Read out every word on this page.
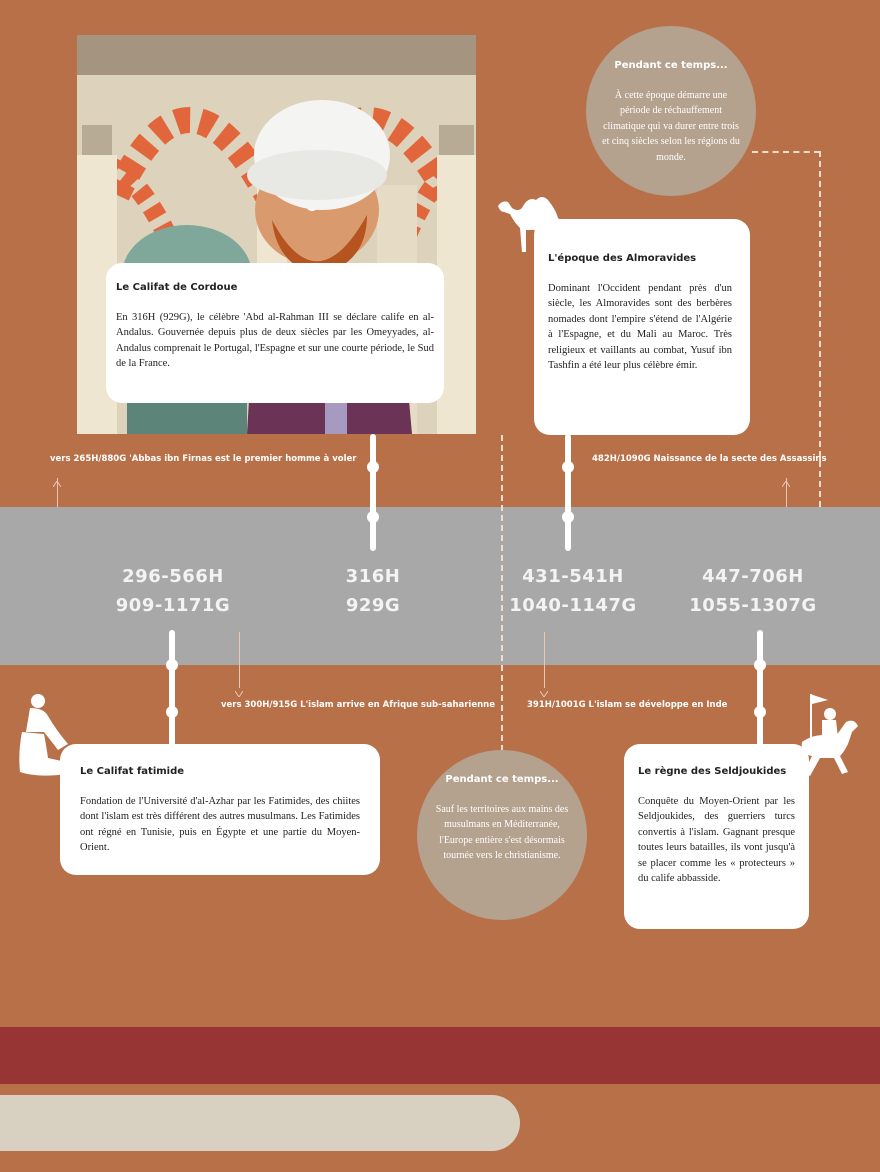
Le Califat de Cordoue

En 316H (929G), le célèbre 'Abd al-Rahman III se déclare calife en al-Andalus. Gouvernée depuis plus de deux siècles par les Omeyyades, al-Andalus comprenait le Portugal, l'Espagne et sur une courte période, le Sud de la France.

Pendant ce temps...
À cette époque démarre une période de réchauffement climatique qui va durer entre trois et cinq siècles selon les régions du monde.
L'époque des Almoravides

Dominant l'Occident pendant près d'un siècle, les Almoravides sont des berbères nomades dont l'empire s'étend de l'Algérie à l'Espagne, et du Mali au Maroc. Très religieux et vaillants au combat, Yusuf ibn Tashfin a été leur plus célèbre émir.

vers 265H/880G 'Abbas ibn Firnas est le premier homme à voler	482H/1090G Naissance de la secte des Assassins
296-566H
909-1171G
316H
929G
431-541H
1040-1147G
447-706H
1055-1307G
vers 300H/915G L'islam arrive en Afrique sub-saharienne	391H/1001G L'islam se développe en Inde
Le Califat fatimide

Fondation de l'Université d'al-Azhar par les Fatimides, des chiites dont l'islam est très différent des autres musulmans. Les Fatimides ont régné en Tunisie, puis en Égypte et une partie du Moyen-Orient.

Pendant ce temps...
Sauf les territoires aux mains des musulmans en Méditerranée, l'Europe entière s'est désormais tournée vers le christianisme.
Le règne des Seldjoukides

Conquête du Moyen-Orient par les Seldjoukides, des guerriers turcs convertis à l'islam. Gagnant presque toutes leurs batailles, ils vont jusqu'à se placer comme les « protecteurs » du calife abbasside.
